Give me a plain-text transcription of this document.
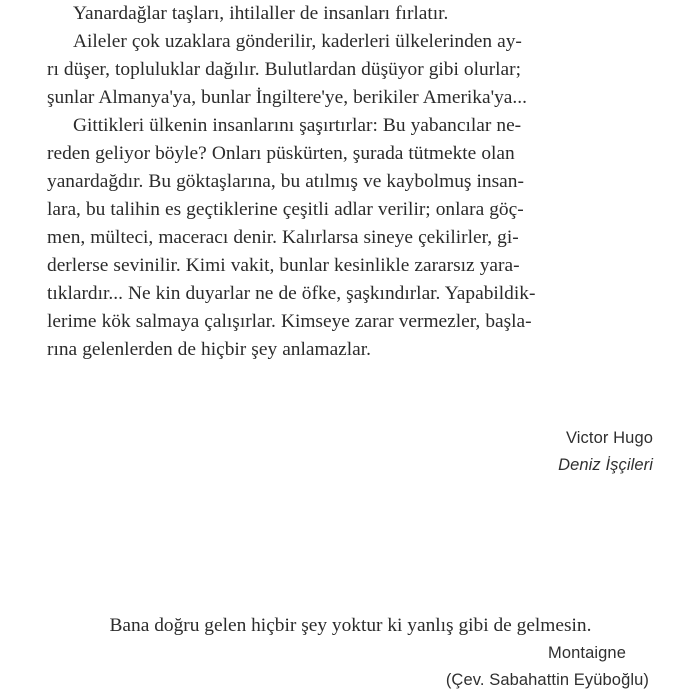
Yanardağlar taşları, ihtilaller de insanları fırlatır.
Aileler çok uzaklara gönderilir, kaderleri ülkelerinden ay-
rı düşer, topluluklar dağılır. Bulutlardan düşüyor gibi olurlar;
şunlar Almanya'ya, bunlar İngiltere'ye, berikiler Amerika'ya...
Gittikleri ülkenin insanlarını şaşırtırlar: Bu yabancılar ne-
reden geliyor böyle? Onları püskürten, şurada tütmekte olan
yanardağdır. Bu göktaşlarına, bu atılmış ve kaybolmuş insan-
lara, bu talihin es geçtiklerine çeşitli adlar verilir; onlara göç-
men, mülteci, maceracı denir. Kalırlarsa sineye çekilirler, gi-
derlerse sevinilir. Kimi vakit, bunlar kesinlikle zararsız yara-
tıklardır... Ne kin duyarlar ne de öfke, şaşkındırlar. Yapabildik-
lerime kök salmaya çalışırlar. Kimseye zarar vermezler, başla-
rına gelenlerden de hiçbir şey anlamazlar.
Victor Hugo
Deniz İşçileri
Bana doğru gelen hiçbir şey yoktur ki yanlış gibi de gelmesin.
Montaigne
(Çev. Sabahattin Eyüboğlu)
